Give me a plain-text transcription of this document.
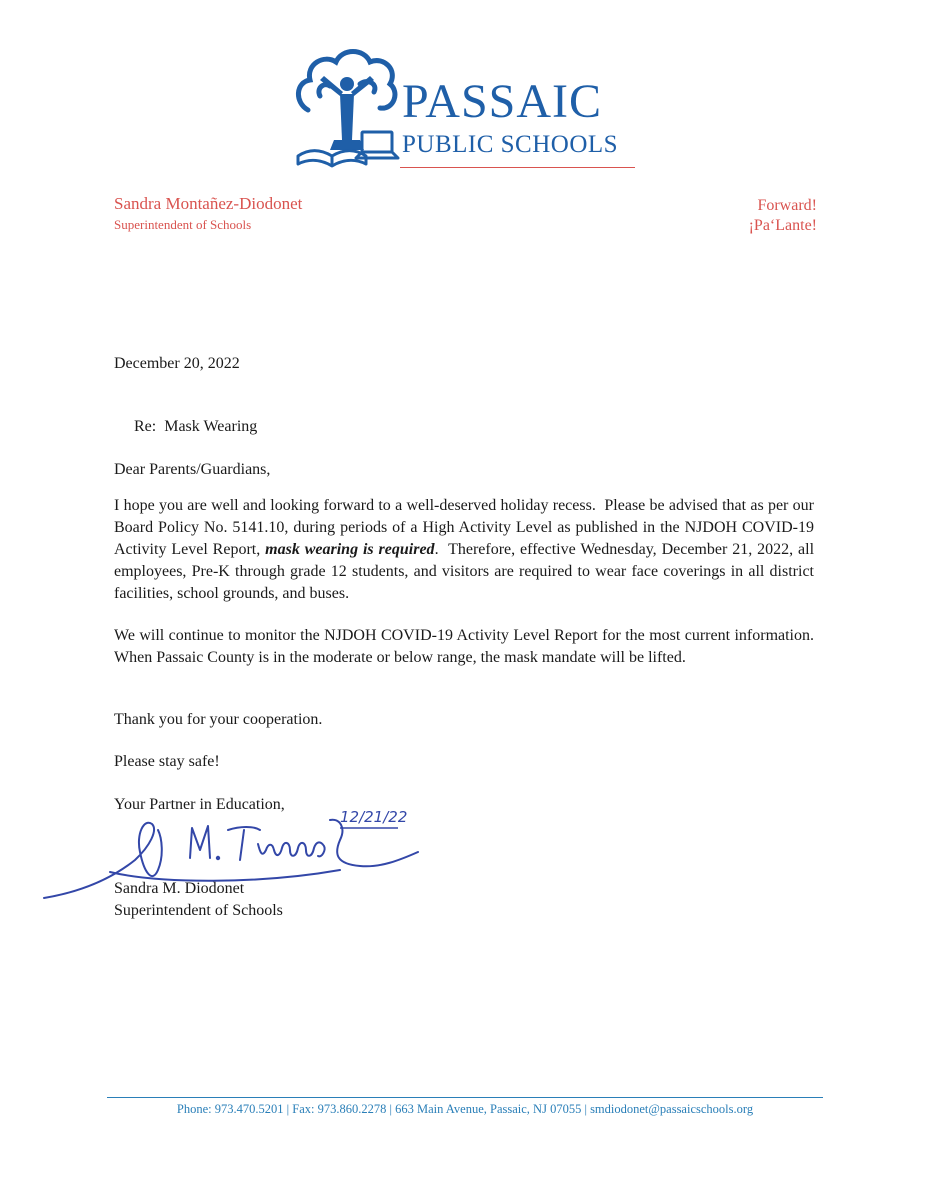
PASSAIC
PUBLIC SCHOOLS
Sandra Montañez-Diodonet
Superintendent of Schools
Forward!
¡Pa‘Lante!
December 20, 2022
Re:  Mask Wearing
Dear Parents/Guardians,
I hope you are well and looking forward to a well-deserved holiday recess.  Please be advised that as per our Board Policy No. 5141.10, during periods of a High Activity Level as published in the NJDOH COVID-19 Activity Level Report, mask wearing is required.  Therefore, effective Wednesday, December 21, 2022, all employees, Pre-K through grade 12 students, and visitors are required to wear face coverings in all district facilities, school grounds, and buses.
We will continue to monitor the NJDOH COVID-19 Activity Level Report for the most current information. When Passaic County is in the moderate or below range, the mask mandate will be lifted.
Thank you for your cooperation.
Please stay safe!
Your Partner in Education,
12/21/22
Sandra M. Diodonet
Superintendent of Schools
Phone: 973.470.5201 | Fax: 973.860.2278 | 663 Main Avenue, Passaic, NJ 07055 | smdiodonet@passaicschools.org
